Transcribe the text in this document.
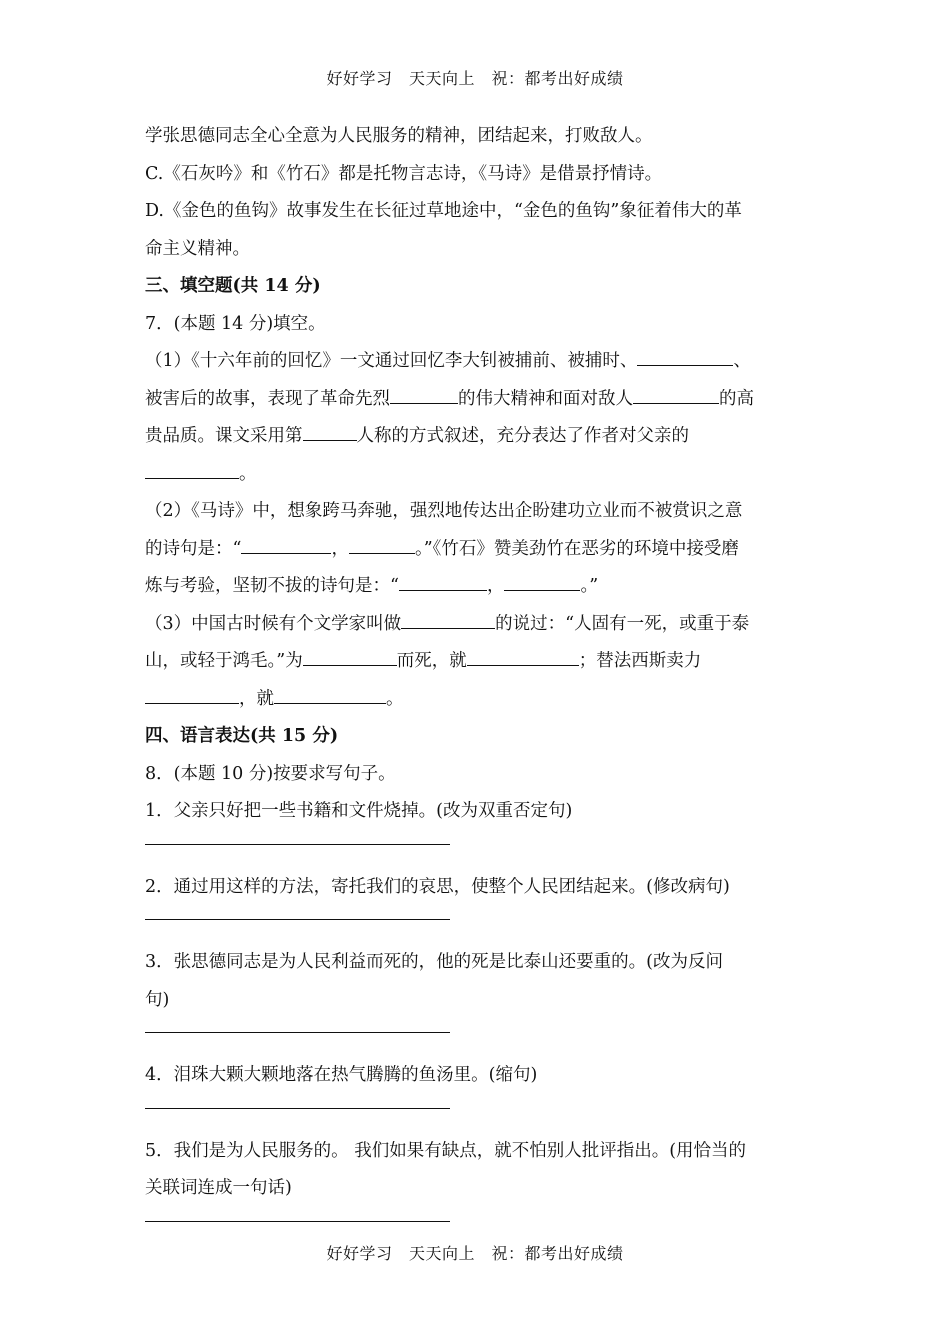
好好学习　天天向上　祝：都考出好成绩
学张思德同志全心全意为人民服务的精神，团结起来，打败敌人。
C.《石灰吟》和《竹石》都是托物言志诗，《马诗》是借景抒情诗。
D.《金色的鱼钩》故事发生在长征过草地途中，“金色的鱼钩”象征着伟大的革
命主义精神。
三、填空题(共 14 分)
7．(本题 14 分)填空。
（1）《十六年前的回忆》一文通过回忆李大钊被捕前、被捕时、	、
被害后的故事，表现了革命先烈	的伟大精神和面对敌人	的高
贵品质。课文采用第	人称的方式叙述，充分表达了作者对父亲的
。
（2）《马诗》中，想象跨马奔驰，强烈地传达出企盼建功立业而不被赏识之意
的诗句是：“	，	。”《竹石》赞美劲竹在恶劣的环境中接受磨
炼与考验，坚韧不拔的诗句是：“	，	。”
（3）中国古时候有个文学家叫做	的说过：“人固有一死，或重于泰
山，或轻于鸿毛。”为	而死，就	；替法西斯卖力
，就	。
四、语言表达(共 15 分)
8．(本题 10 分)按要求写句子。
1．父亲只好把一些书籍和文件烧掉。(改为双重否定句)
2．通过用这样的方法，寄托我们的哀思，使整个人民团结起来。(修改病句)
3．张思德同志是为人民利益而死的，他的死是比泰山还要重的。(改为反问
句)
4．泪珠大颗大颗地落在热气腾腾的鱼汤里。(缩句)
5．我们是为人民服务的。 我们如果有缺点，就不怕别人批评指出。(用恰当的
关联词连成一句话)
好好学习　天天向上　祝：都考出好成绩
